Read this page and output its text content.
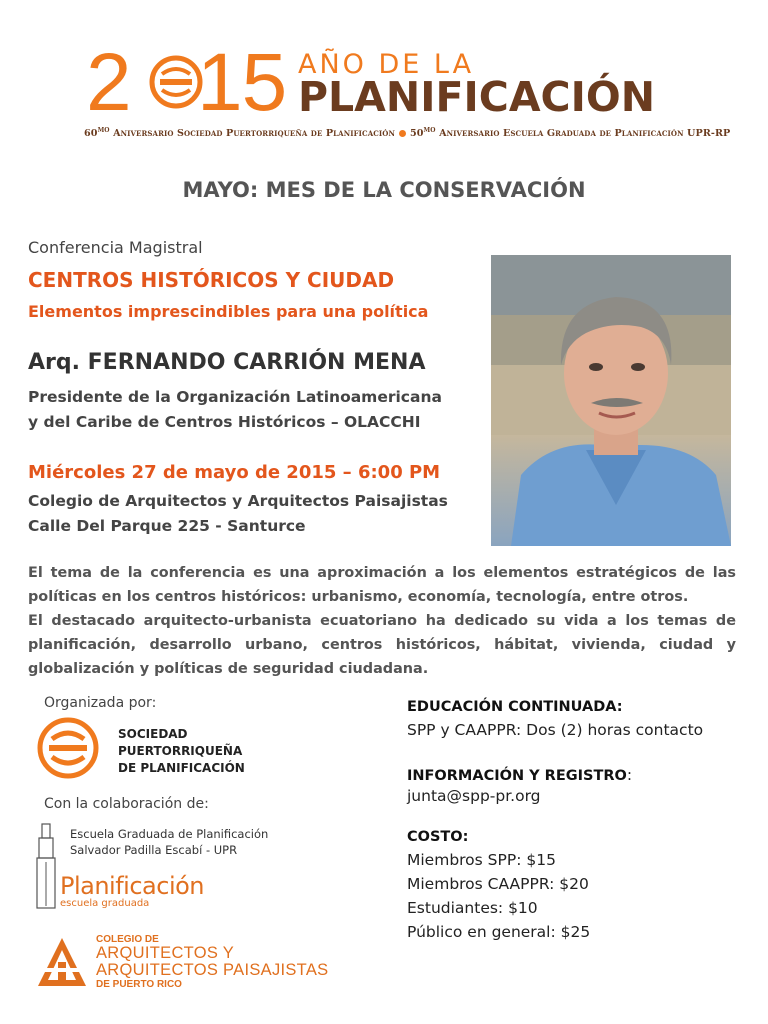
2 15 AÑO DE LA
PLANIFICACIÓN
$60^{MO}$ Aniversario Sociedad Puertorriqueña de Planificación $50^{MO}$ Aniversario Escuela Graduada de Planificación UPR-RP
MAYO: MES DE LA CONSERVACIÓN
Conferencia Magistral
CENTROS HISTÓRICOS Y CIUDAD
Elementos imprescindibles para una política
Arq. FERNANDO CARRIÓN MENA
Presidente de la Organización Latinoamericana
y del Caribe de Centros Históricos – OLACCHI
Miércoles 27 de mayo de 2015 – 6:00 PM
Colegio de Arquitectos y Arquitectos Paisajistas
Calle Del Parque 225 - Santurce

El tema de la conferencia es una aproximación a los elementos estratégicos de las políticas en los centros históricos: urbanismo, economía, tecnología, entre otros.

El destacado arquitecto-urbanista ecuatoriano ha dedicado su vida a los temas de planificación, desarrollo urbano, centros históricos, hábitat, vivienda, ciudad y globalización y políticas de seguridad ciudadana.

Organizada por:
SOCIEDAD
PUERTORRIQUEÑA
DE PLANIFICACIÓN
Con la colaboración de:
Escuela Graduada de Planificación
Salvador Padilla Escabí - UPR
Planificación
escuela graduada
COLEGIO DE
ARQUITECTOS Y
ARQUITECTOS PAISAJISTAS
DE PUERTO RICO
EDUCACIÓN CONTINUADA:
SPP y CAAPPR: Dos (2) horas contacto
INFORMACIÓN Y REGISTRO:
junta@spp-pr.org
COSTO:
Miembros SPP: $15
Miembros CAAPPR: $20
Estudiantes: $10
Público en general: $25
